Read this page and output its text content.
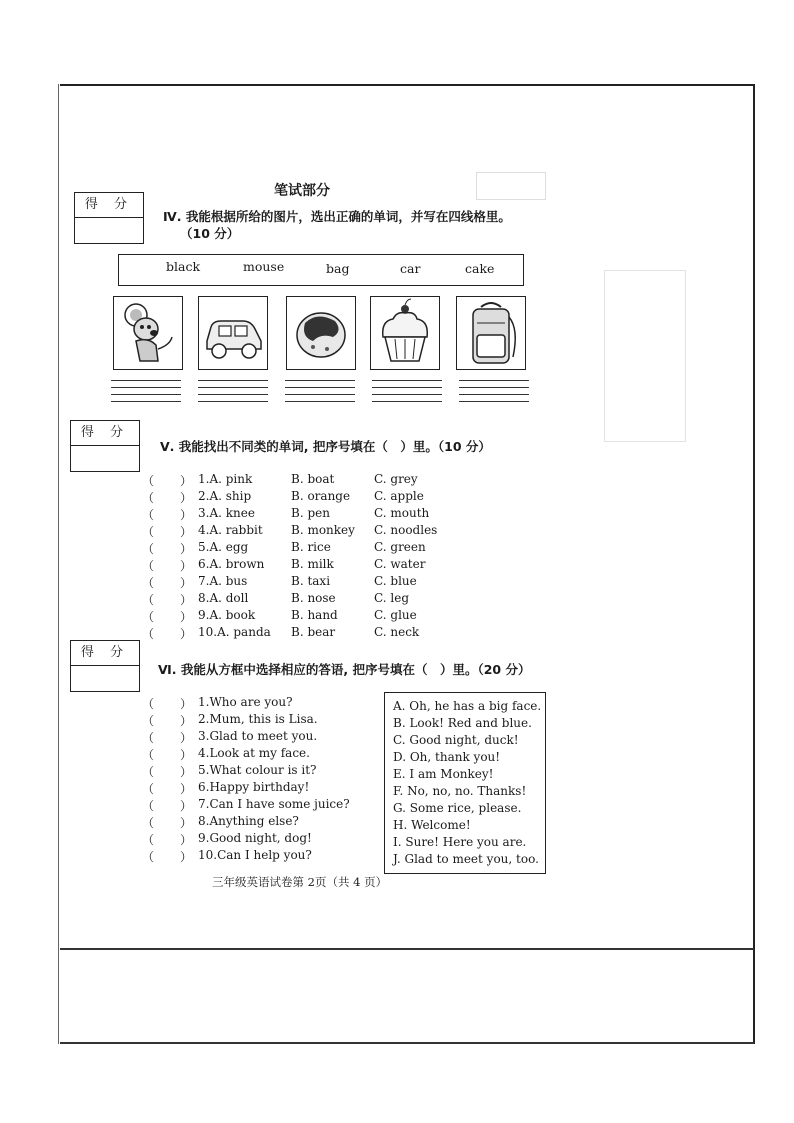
笔试部分
得 分
Ⅳ. 我能根据所给的图片，选出正确的单词，并写在四线格里。
（10 分）
black	mouse	bag	car	cake
得 分
Ⅴ. 我能找出不同类的单词, 把序号填在（　）里。（10 分）
（ ） 1.A. pink	B. boat	C. grey
（ ） 2.A. ship	B. orange C. apple
（ ） 3.A. knee	B. pen	C. mouth
（ ） 4.A. rabbit B. monkey C. noodles
（ ） 5.A. egg	B. rice	C. green
（ ） 6.A. brown B. milk	C. water
（ ） 7.A. bus	B. taxi	C. blue
（ ） 8.A. doll	B. nose	C. leg
（ ） 9.A. book	B. hand	C. glue
（ ） 10.A. panda B. bear	C. neck
得 分
Ⅵ. 我能从方框中选择相应的答语, 把序号填在（　）里。（20 分）
（ ） 1.Who are you?
（ ） 2.Mum, this is Lisa.
（ ） 3.Glad to meet you.
（ ） 4.Look at my face.
（ ） 5.What colour is it?
（ ） 6.Happy birthday!
（ ） 7.Can I have some juice?
（ ） 8.Anything else?
（ ） 9.Good night, dog!
（ ） 10.Can I help you?
A. Oh, he has a big face.
B. Look! Red and blue.
C. Good night, duck!
D. Oh, thank you!
E. I am Monkey!
F. No, no, no. Thanks!
G. Some rice, please.
H. Welcome!
I. Sure! Here you are.
J. Glad to meet you, too.
三年级英语试卷第 2页（共 4 页）
